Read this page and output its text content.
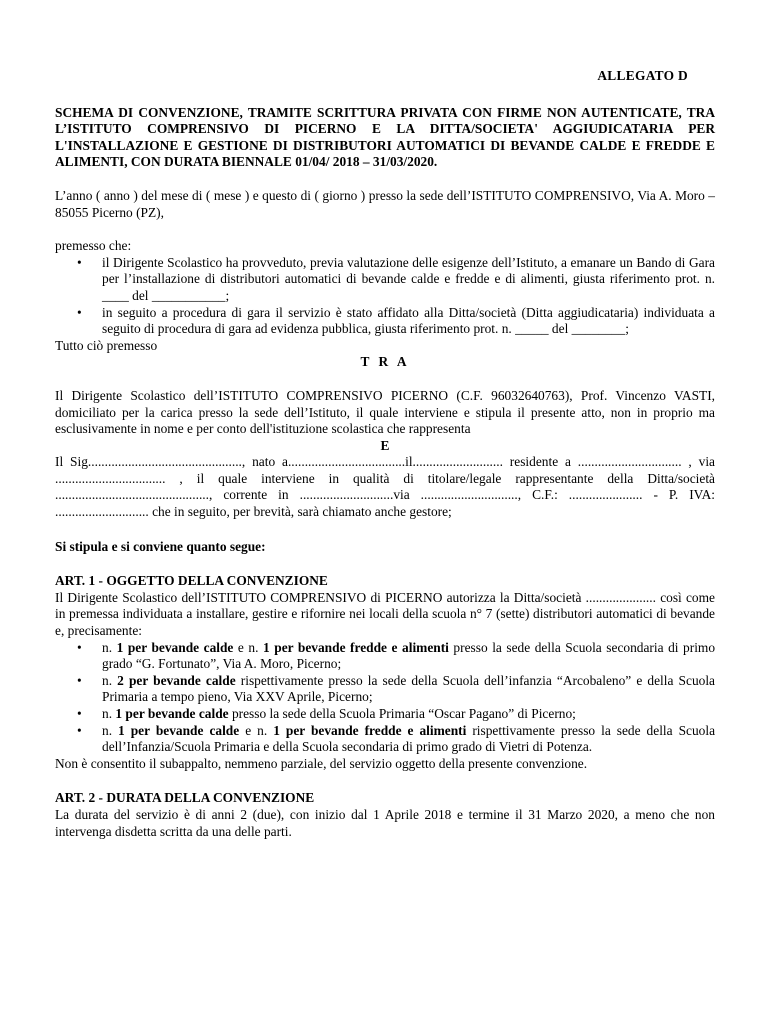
ALLEGATO D

SCHEMA DI CONVENZIONE, TRAMITE SCRITTURA PRIVATA CON FIRME NON AUTENTICATE, TRA L’ISTITUTO COMPRENSIVO DI PICERNO E LA DITTA/SOCIETA' AGGIUDICATARIA PER L'INSTALLAZIONE E GESTIONE DI DISTRIBUTORI AUTOMATICI DI BEVANDE CALDE E FREDDE E ALIMENTI, CON DURATA BIENNALE 01/04/ 2018 – 31/03/2020.

L’anno ( anno ) del mese di ( mese ) e questo di ( giorno ) presso la sede dell’ISTITUTO COMPRENSIVO, Via A. Moro – 85055 Picerno (PZ),

premesso che:

• il Dirigente Scolastico ha provveduto, previa valutazione delle esigenze dell’Istituto, a emanare un Bando di Gara per l’installazione di distributori automatici di bevande calde e fredde e di alimenti, giusta riferimento prot. n. ____ del ___________;
• in seguito a procedura di gara il servizio è stato affidato alla Ditta/società (Ditta aggiudicataria) individuata a seguito di procedura di gara ad evidenza pubblica, giusta riferimento prot. n. _____ del ________;

Tutto ciò premesso

T R A

Il Dirigente Scolastico dell’ISTITUTO COMPRENSIVO PICERNO (C.F. 96032640763), Prof. Vincenzo VASTI, domiciliato per la carica presso la sede dell’Istituto, il quale interviene e stipula il presente atto, non in proprio ma esclusivamente in nome e per conto dell'istituzione scolastica che rappresenta

E

Il Sig.............................................., nato a...................................il........................... residente a ............................... , via ................................. , il quale interviene in qualità di titolare/legale rappresentante della Ditta/società .............................................., corrente in ............................via ............................., C.F.: ...................... - P. IVA: ............................ che in seguito, per brevità, sarà chiamato anche gestore;

Si stipula e si conviene quanto segue:

ART. 1 - OGGETTO DELLA CONVENZIONE

Il Dirigente Scolastico dell’ISTITUTO COMPRENSIVO di PICERNO autorizza la Ditta/società ..................... così come in premessa individuata a installare, gestire e rifornire nei locali della scuola n° 7 (sette) distributori automatici di bevande e, precisamente:

• n. 1 per bevande calde e n. 1 per bevande fredde e alimenti presso la sede della Scuola secondaria di primo grado “G. Fortunato”, Via A. Moro, Picerno;
• n. 2 per bevande calde rispettivamente presso la sede della Scuola dell’infanzia “Arcobaleno” e della Scuola Primaria a tempo pieno, Via XXV Aprile, Picerno;
• n. 1 per bevande calde presso la sede della Scuola Primaria “Oscar Pagano” di Picerno;
• n. 1 per bevande calde e n. 1 per bevande fredde e alimenti rispettivamente presso la sede della Scuola dell’Infanzia/Scuola Primaria e della Scuola secondaria di primo grado di Vietri di Potenza.

Non è consentito il subappalto, nemmeno parziale, del servizio oggetto della presente convenzione.

ART. 2 - DURATA DELLA CONVENZIONE

La durata del servizio è di anni 2 (due), con inizio dal 1 Aprile 2018 e termine il 31 Marzo 2020, a meno che non intervenga disdetta scritta da una delle parti.
